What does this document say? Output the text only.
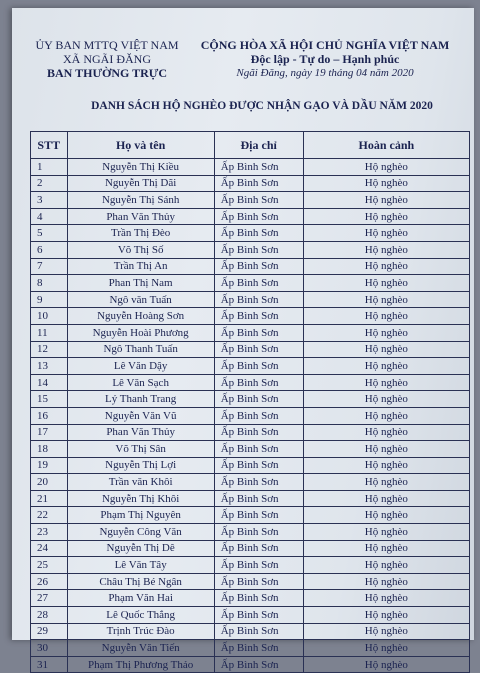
ỦY BAN MTTQ VIỆT NAM
XÃ NGÃI ĐĂNG
BAN THƯỜNG TRỰC
CỘNG HÒA XÃ HỘI CHỦ NGHĨA VIỆT NAM
Độc lập - Tự do – Hạnh phúc
Ngãi Đăng, ngày 19 tháng 04 năm 2020
DANH SÁCH HỘ NGHÈO ĐƯỢC NHẬN GẠO VÀ DẦU NĂM 2020
STT	Họ và tên	Địa chỉ	Hoàn cảnh
1	Nguyễn Thị Kiều	Ấp Bình Sơn	Hộ nghèo
2	Nguyễn Thị Dãi	Ấp Bình Sơn	Hộ nghèo
3	Nguyễn Thị Sánh	Ấp Bình Sơn	Hộ nghèo
4	Phan Văn Thủy	Ấp Bình Sơn	Hộ nghèo
5	Trần Thị Đèo	Ấp Bình Sơn	Hộ nghèo
6	Võ Thị Số	Ấp Bình Sơn	Hộ nghèo
7	Trần Thị An	Ấp Bình Sơn	Hộ nghèo
8	Phan Thị Nam	Ấp Bình Sơn	Hộ nghèo
9	Ngô văn Tuấn	Ấp Bình Sơn	Hộ nghèo
10	Nguyễn Hoàng Sơn	Ấp Bình Sơn	Hộ nghèo
11	Nguyễn Hoài Phương	Ấp Bình Sơn	Hộ nghèo
12	Ngô Thanh Tuấn	Ấp Bình Sơn	Hộ nghèo
13	Lê Văn Dậy	Ấp Bình Sơn	Hộ nghèo
14	Lê Văn Sạch	Ấp Bình Sơn	Hộ nghèo
15	Lý Thanh Trang	Ấp Bình Sơn	Hộ nghèo
16	Nguyễn Văn Vũ	Ấp Bình Sơn	Hộ nghèo
17	Phan Văn Thủy	Ấp Bình Sơn	Hộ nghèo
18	Võ Thị Sân	Ấp Bình Sơn	Hộ nghèo
19	Nguyễn Thị Lợi	Ấp Bình Sơn	Hộ nghèo
20	Trần văn Khôi	Ấp Bình Sơn	Hộ nghèo
21	Nguyễn Thị Khôi	Ấp Bình Sơn	Hộ nghèo
22	Phạm Thị Nguyên	Ấp Bình Sơn	Hộ nghèo
23	Nguyễn Công Văn	Ấp Bình Sơn	Hộ nghèo
24	Nguyễn Thị Dê	Ấp Bình Sơn	Hộ nghèo
25	Lê Văn Tây	Ấp Bình Sơn	Hộ nghèo
26	Châu Thị Bé Ngân	Ấp Bình Sơn	Hộ nghèo
27	Phạm Văn Hai	Ấp Bình Sơn	Hộ nghèo
28	Lê Quốc Thắng	Ấp Bình Sơn	Hộ nghèo
29	Trịnh Trúc Đào	Ấp Bình Sơn	Hộ nghèo
30	Nguyễn Văn Tiến	Ấp Bình Sơn	Hộ nghèo
31	Phạm Thị Phương Thảo	Ấp Bình Sơn	Hộ nghèo
